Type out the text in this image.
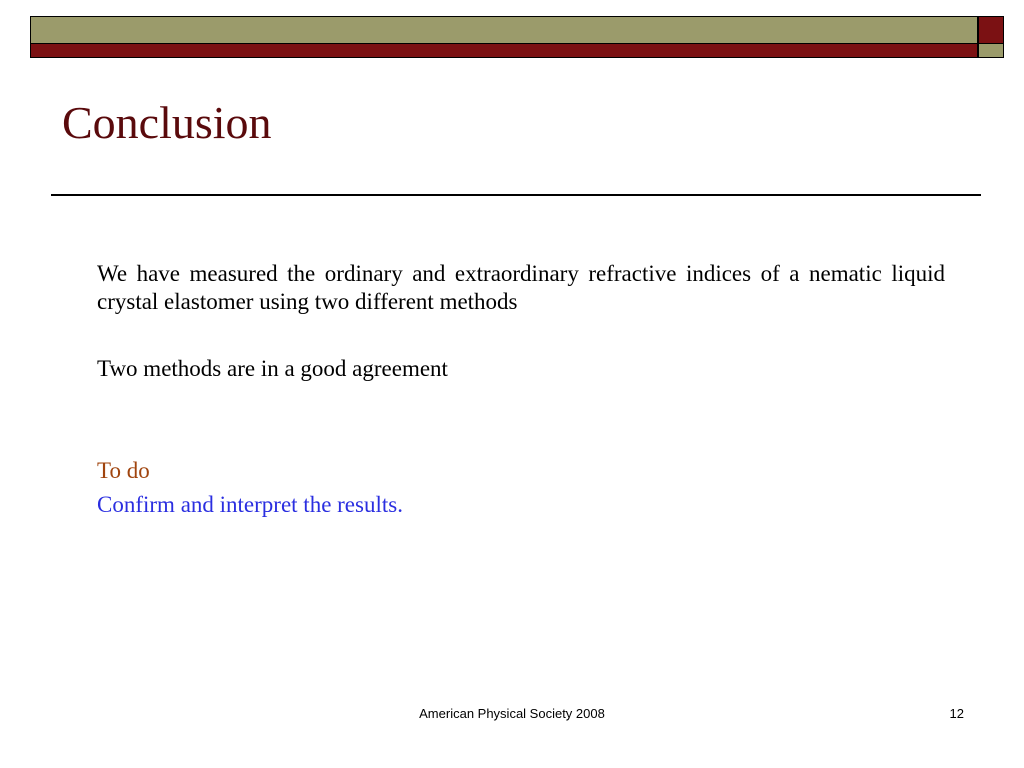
Conclusion
We have measured the ordinary and extraordinary refractive indices of a nematic liquid crystal elastomer using two different methods
Two methods are in a good agreement
To do
Confirm and interpret the results.
American Physical Society 2008	12
